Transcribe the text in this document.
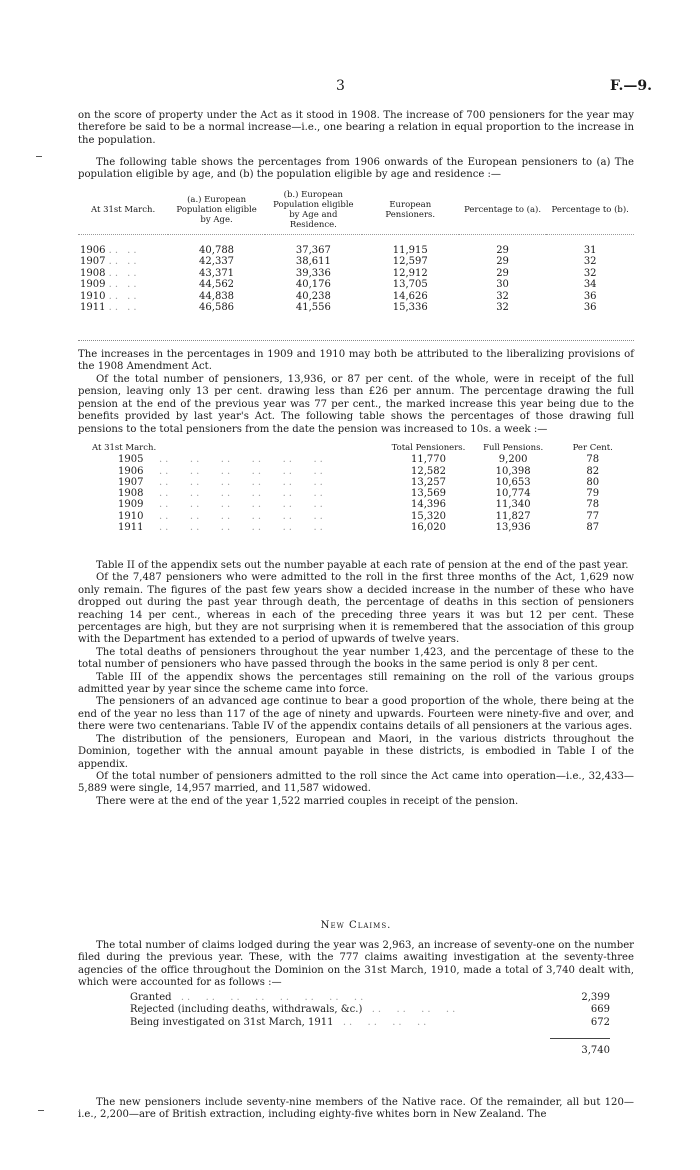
3	F.—9.

on the score of property under the Act as it stood in 1908. The increase of 700 pensioners for the year may therefore be said to be a normal increase—i.e., one bearing a relation in equal proportion to the increase in the population.

The following table shows the percentages from 1906 onwards of the European pensioners to (a) The population eligible by age, and (b) the population eligible by age and residence :—

At 31st March.	(a.) European Population eligible by Age.	(b.) European Population eligible by Age and Residence.	European Pensioners.	Percentage to (a).	Percentage to (b).

1906 .. ..	40,788	37,367	11,915	29	31
1907 .. ..	42,337	38,611	12,597	29	32
1908 .. ..	43,371	39,336	12,912	29	32
1909 .. ..	44,562	40,176	13,705	30	34
1910 .. ..	44,838	40,238	14,626	32	36
1911 .. ..	46,586	41,556	15,336	32	36

The increases in the percentages in 1909 and 1910 may both be attributed to the liberalizing provisions of the 1908 Amendment Act.

Of the total number of pensioners, 13,936, or 87 per cent. of the whole, were in receipt of the full pension, leaving only 13 per cent. drawing less than £26 per annum. The percentage drawing the full pension at the end of the previous year was 77 per cent., the marked increase this year being due to the benefits provided by last year's Act. The following table shows the percentages of those drawing full pensions to the total pensioners from the date the pension was increased to 10s. a week :—

At 31st March.	Total Pensioners.	Full Pensions.	Per Cent.
1905   ..   ..   ..   ..   ..   ..	11,770	9,200	78
1906   ..   ..   ..   ..   ..   ..	12,582	10,398	82
1907   ..   ..   ..   ..   ..   ..	13,257	10,653	80
1908   ..   ..   ..   ..   ..   ..	13,569	10,774	79
1909   ..   ..   ..   ..   ..   ..	14,396	11,340	78
1910   ..   ..   ..   ..   ..   ..	15,320	11,827	77
1911   ..   ..   ..   ..   ..   ..	16,020	13,936	87

Table II of the appendix sets out the number payable at each rate of pension at the end of the past year.

Of the 7,487 pensioners who were admitted to the roll in the first three months of the Act, 1,629 now only remain. The figures of the past few years show a decided increase in the number of these who have dropped out during the past year through death, the percentage of deaths in this section of pensioners reaching 14 per cent., whereas in each of the preceding three years it was but 12 per cent. These percentages are high, but they are not surprising when it is remembered that the association of this group with the Department has extended to a period of upwards of twelve years.

The total deaths of pensioners throughout the year number 1,423, and the percentage of these to the total number of pensioners who have passed through the books in the same period is only 8 per cent.

Table III of the appendix shows the percentages still remaining on the roll of the various groups admitted year by year since the scheme came into force.

The pensioners of an advanced age continue to bear a good proportion of the whole, there being at the end of the year no less than 117 of the age of ninety and upwards. Fourteen were ninety-five and over, and there were two centenarians. Table IV of the appendix contains details of all pensioners at the various ages.

The distribution of the pensioners, European and Maori, in the various districts throughout the Dominion, together with the annual amount payable in these districts, is embodied in Table I of the appendix.

Of the total number of pensioners admitted to the roll since the Act came into operation—i.e., 32,433—5,889 were single, 14,957 married, and 11,587 widowed.

There were at the end of the year 1,522 married couples in receipt of the pension.

New Claims.

The total number of claims lodged during the year was 2,963, an increase of seventy-one on the number filed during the previous year. These, with the 777 claims awaiting investigation at the seventy-three agencies of the office throughout the Dominion on the 31st March, 1910, made a total of 3,740 dealt with, which were accounted for as follows :—

Granted  ..  ..  ..  ..  ..  ..  ..  ..	2,399
Rejected (including deaths, withdrawals, &c.)  ..  ..  ..  ..	669
Being investigated on 31st March, 1911  ..  ..  ..  ..	672

	3,740

The new pensioners include seventy-nine members of the Native race. Of the remainder, all but 120—i.e., 2,200—are of British extraction, including eighty-five whites born in New Zealand. The
